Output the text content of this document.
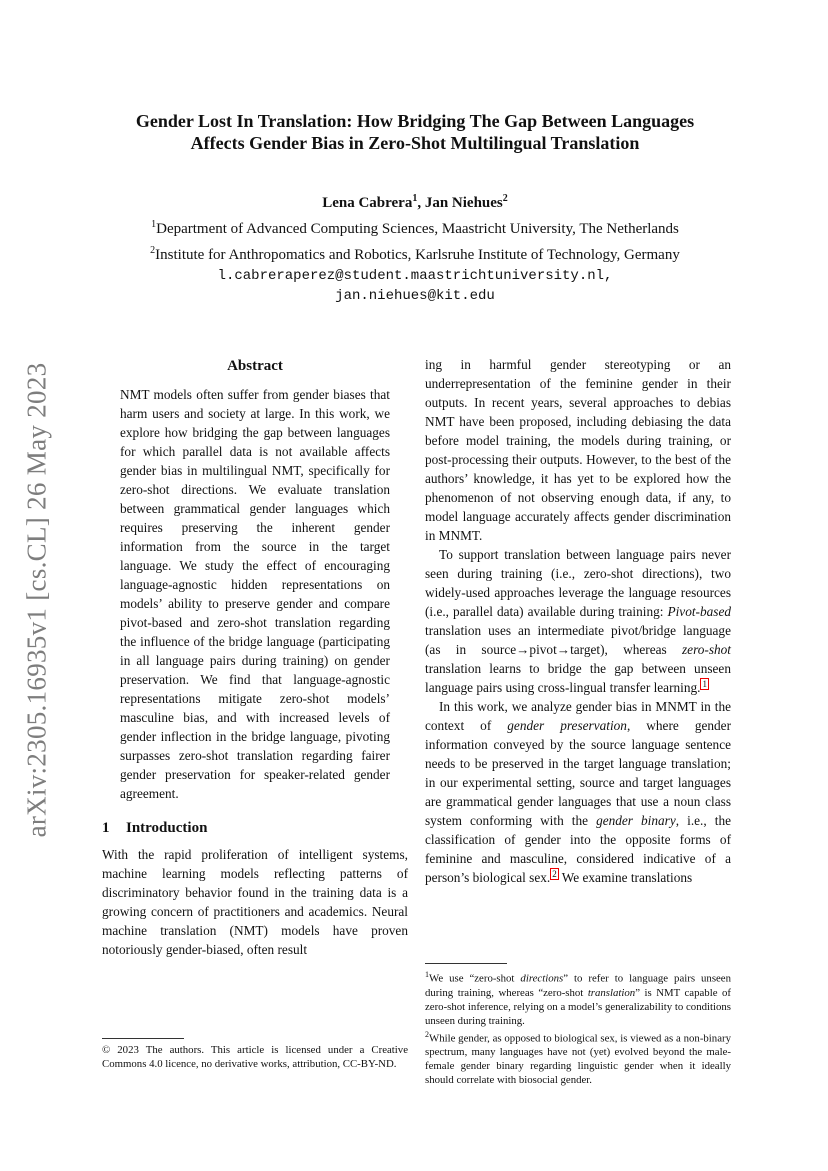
arXiv:2305.16935v1 [cs.CL] 26 May 2023
Gender Lost In Translation: How Bridging The Gap Between Languages
Affects Gender Bias in Zero-Shot Multilingual Translation
Lena Cabrera$^1$, Jan Niehues$^2$
$^1$Department of Advanced Computing Sciences, Maastricht University, The Netherlands
$^2$Institute for Anthropomatics and Robotics, Karlsruhe Institute of Technology, Germany
l.cabreraperez@student.maastrichtuniversity.nl,
jan.niehues@kit.edu
Abstract

NMT models often suffer from gender biases that harm users and society at large. In this work, we explore how bridging the gap between languages for which parallel data is not available affects gender bias in multilingual NMT, specifically for zero-shot directions. We evaluate translation between grammatical gender languages which requires preserving the inherent gender information from the source in the target language. We study the effect of encouraging language-agnostic hidden representations on models’ ability to preserve gender and compare pivot-based and zero-shot translation regarding the influence of the bridge language (participating in all language pairs during training) on gender preservation. We find that language-agnostic representations mitigate zero-shot models’ masculine bias, and with increased levels of gender inflection in the bridge language, pivoting surpasses zero-shot translation regarding fairer gender preservation for speaker-related gender agreement.

1 Introduction

With the rapid proliferation of intelligent systems, machine learning models reflecting patterns of discriminatory behavior found in the training data is a growing concern of practitioners and academics. Neural machine translation (NMT) models have proven notoriously gender-biased, often result

© 2023 The authors. This article is licensed under a Creative Commons 4.0 licence, no derivative works, attribution, CC-BY-ND.

ing in harmful gender stereotyping or an underrepresentation of the feminine gender in their outputs. In recent years, several approaches to debias NMT have been proposed, including debiasing the data before model training, the models during training, or post-processing their outputs. However, to the best of the authors’ knowledge, it has yet to be explored how the phenomenon of not observing enough data, if any, to model language accurately affects gender discrimination in MNMT.

To support translation between language pairs never seen during training (i.e., zero-shot directions), two widely-used approaches leverage the language resources (i.e., parallel data) available during training: Pivot-based translation uses an intermediate pivot/bridge language (as in source→pivot→target), whereas zero-shot translation learns to bridge the gap between unseen language pairs using cross-lingual transfer learning. $^1$

In this work, we analyze gender bias in MNMT in the context of gender preservation, where gender information conveyed by the source language sentence needs to be preserved in the target language translation; in our experimental setting, source and target languages are grammatical gender languages that use a noun class system conforming with the gender binary, i.e., the classification of gender into the opposite forms of feminine and masculine, considered indicative of a person’s biological sex. $^2$ We examine translations

$^1$We use “zero-shot directions” to refer to language pairs unseen during training, whereas “zero-shot translation” is NMT capable of zero-shot inference, relying on a model’s generalizability to conditions unseen during training.
$^2$While gender, as opposed to biological sex, is viewed as a non-binary spectrum, many languages have not (yet) evolved beyond the male-female gender binary regarding linguistic gender when it ideally should correlate with biosocial gender.
